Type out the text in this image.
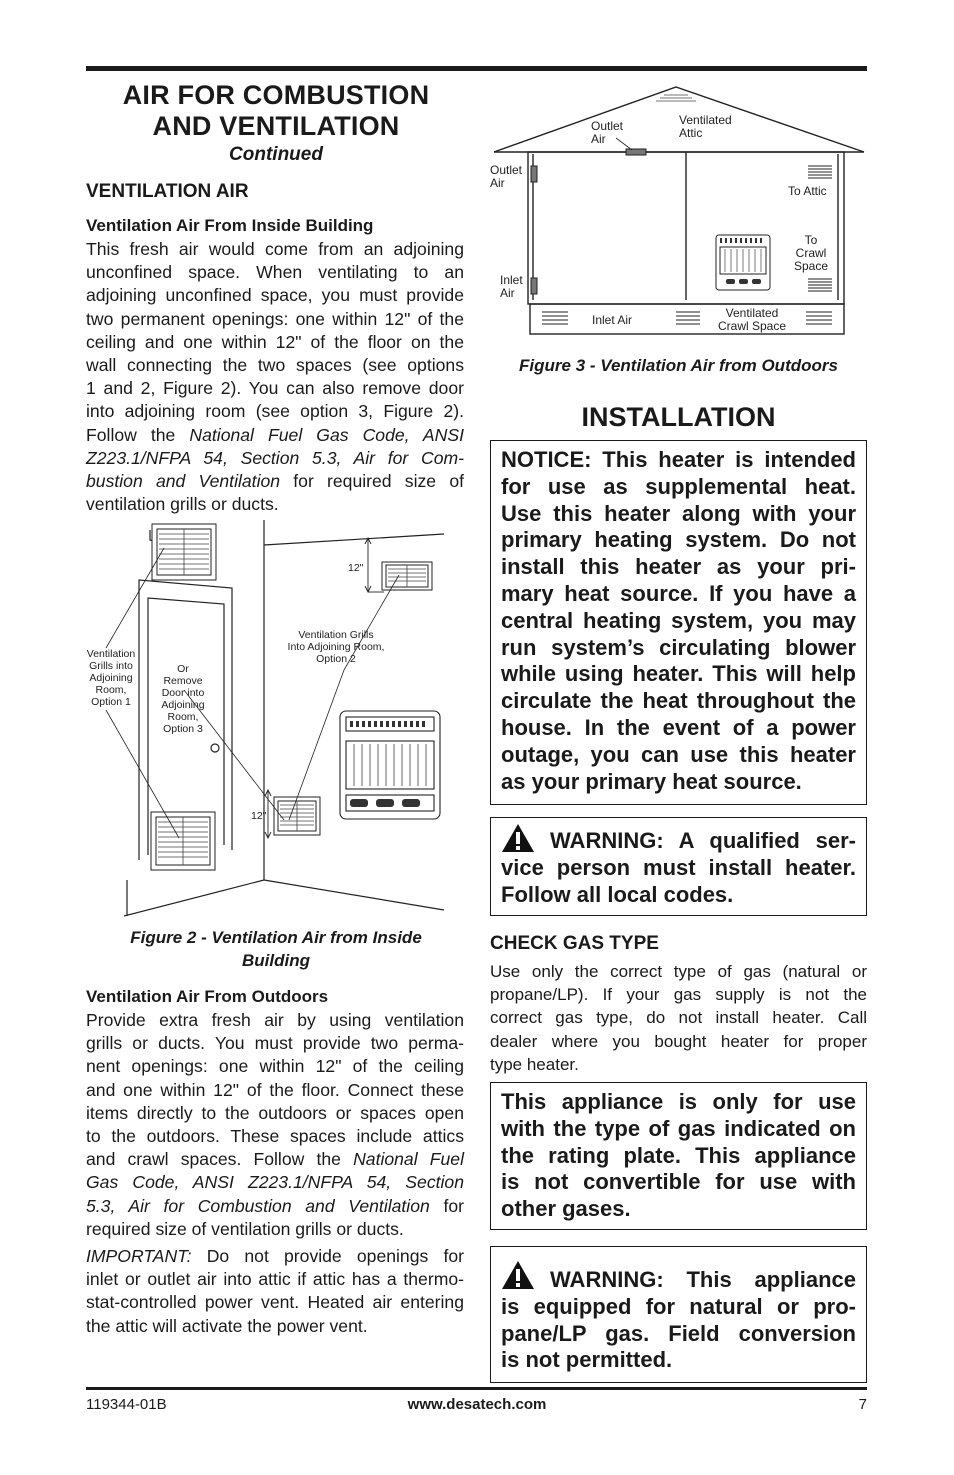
AIR FOR COMBUSTION
AND VENTILATION
Continued
VENTILATION AIR
Ventilation Air From Inside Building
This fresh air would come from an adjoining
unconfined space. When ventilating to an
adjoining unconfined space, you must provide
two permanent openings: one within 12" of the
ceiling and one within 12" of the floor on the
wall connecting the two spaces (see options
1 and 2, Figure 2). You can also remove door
into adjoining room (see option 3, Figure 2).
Follow the National Fuel Gas Code, ANSI
Z223.1/NFPA 54, Section 5.3, Air for Com-
bustion and Ventilation for required size of
ventilation grills or ducts.
12"
12"
Ventilation
Grills into
Adjoining
Room,
Option 1
Or
Remove
Door into
Adjoining
Room,
Option 3
Ventilation Grills
Into Adjoining Room,
Option 2
Figure 2 - Ventilation Air from Inside
Building
Ventilation Air From Outdoors
Provide extra fresh air by using ventilation
grills or ducts. You must provide two perma-
nent openings: one within 12" of the ceiling
and one within 12" of the floor. Connect these
items directly to the outdoors or spaces open
to the outdoors. These spaces include attics
and crawl spaces. Follow the National Fuel
Gas Code, ANSI Z223.1/NFPA 54, Section
5.3, Air for Combustion and Ventilation for
required size of ventilation grills or ducts.
IMPORTANT: Do not provide openings for
inlet or outlet air into attic if attic has a thermo-
stat-controlled power vent. Heated air entering
the attic will activate the power vent.
Outlet
Air
Ventilated
Attic
Outlet
Air
To Attic
To
Crawl
Space
Inlet
Air
Inlet Air	Ventilated
Crawl Space
Figure 3 - Ventilation Air from Outdoors
INSTALLATION
NOTICE: This heater is intended
for use as supplemental heat.
Use this heater along with your
primary heating system. Do not
install this heater as your pri-
mary heat source. If you have a
central heating system, you may
run system’s circulating blower
while using heater. This will help
circulate the heat throughout the
house. In the event of a power
outage, you can use this heater
as your primary heat source.
WARNING: A qualified ser-
vice person must install heater.
Follow all local codes.
CHECK GAS TYPE
Use only the correct type of gas (natural or
propane/LP). If your gas supply is not the
correct gas type, do not install heater. Call
dealer where you bought heater for proper
type heater.
This appliance is only for use
with the type of gas indicated on
the rating plate. This appliance
is not convertible for use with
other gases.
WARNING: This appliance
is equipped for natural or pro-
pane/LP gas. Field conversion
is not permitted.
119344-01B	www.desatech.com	7
